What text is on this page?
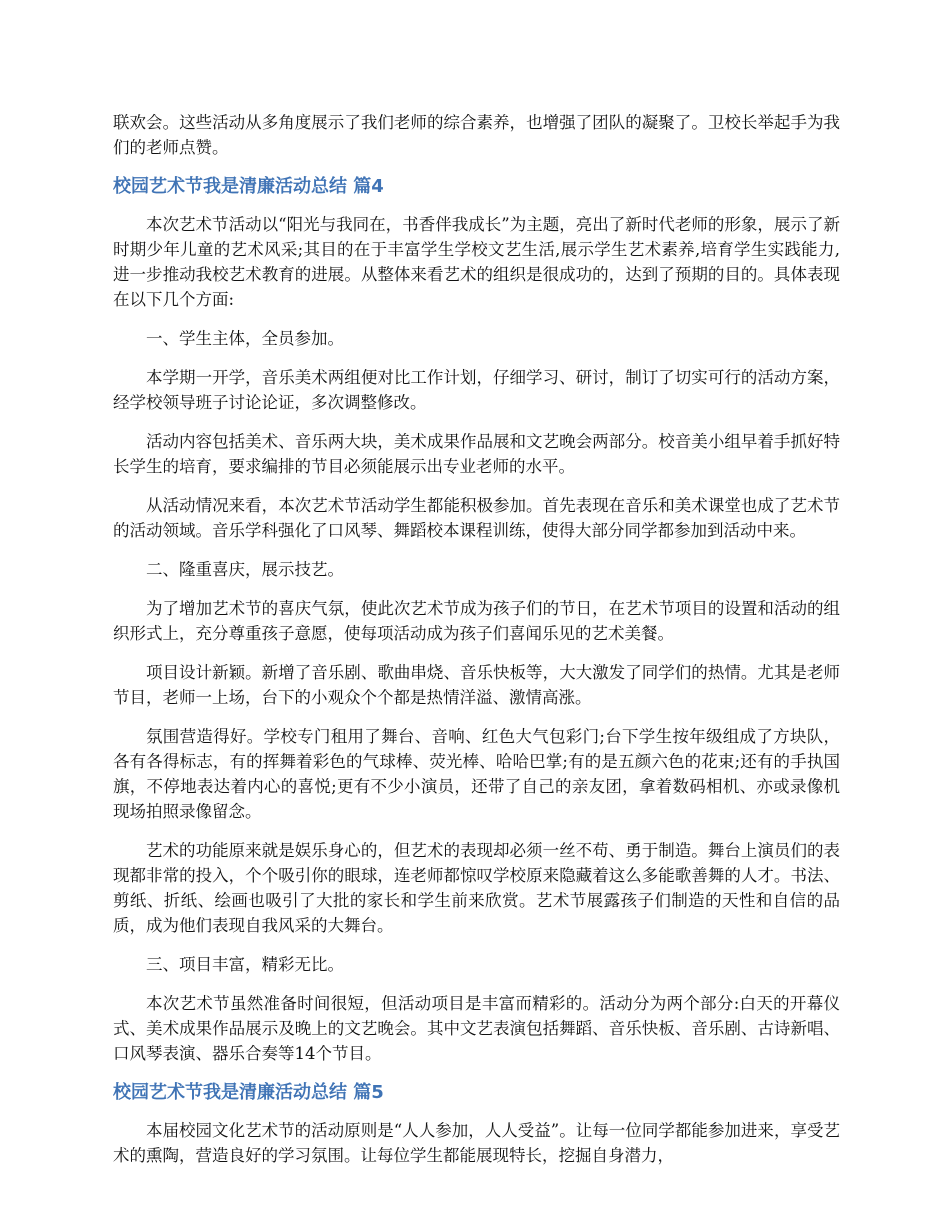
联欢会。这些活动从多角度展示了我们老师的综合素养，也增强了团队的凝聚了。卫校长举起手为我们的老师点赞。

校园艺术节我是清廉活动总结 篇4

本次艺术节活动以“阳光与我同在，书香伴我成长”为主题，亮出了新时代老师的形象，展示了新时期少年儿童的艺术风采;其目的在于丰富学生学校文艺生活,展示学生艺术素养,培育学生实践能力,进一步推动我校艺术教育的进展。从整体来看艺术的组织是很成功的，达到了预期的目的。具体表现在以下几个方面:

一、学生主体，全员参加。

本学期一开学，音乐美术两组便对比工作计划，仔细学习、研讨，制订了切实可行的活动方案，经学校领导班子讨论论证，多次调整修改。

活动内容包括美术、音乐两大块，美术成果作品展和文艺晚会两部分。校音美小组早着手抓好特长学生的培育，要求编排的节目必须能展示出专业老师的水平。

从活动情况来看，本次艺术节活动学生都能积极参加。首先表现在音乐和美术课堂也成了艺术节的活动领域。音乐学科强化了口风琴、舞蹈校本课程训练，使得大部分同学都参加到活动中来。

二、隆重喜庆，展示技艺。

为了增加艺术节的喜庆气氛，使此次艺术节成为孩子们的节日，在艺术节项目的设置和活动的组织形式上，充分尊重孩子意愿，使每项活动成为孩子们喜闻乐见的艺术美餐。

项目设计新颖。新增了音乐剧、歌曲串烧、音乐快板等，大大激发了同学们的热情。尤其是老师节目，老师一上场，台下的小观众个个都是热情洋溢、激情高涨。

氛围营造得好。学校专门租用了舞台、音响、红色大气包彩门;台下学生按年级组成了方块队，各有各得标志，有的挥舞着彩色的气球棒、荧光棒、哈哈巴掌;有的是五颜六色的花束;还有的手执国旗，不停地表达着内心的喜悦;更有不少小演员，还带了自己的亲友团，拿着数码相机、亦或录像机现场拍照录像留念。

艺术的功能原来就是娱乐身心的，但艺术的表现却必须一丝不苟、勇于制造。舞台上演员们的表现都非常的投入，个个吸引你的眼球，连老师都惊叹学校原来隐藏着这么多能歌善舞的人才。书法、剪纸、折纸、绘画也吸引了大批的家长和学生前来欣赏。艺术节展露孩子们制造的天性和自信的品质，成为他们表现自我风采的大舞台。

三、项目丰富，精彩无比。

本次艺术节虽然准备时间很短，但活动项目是丰富而精彩的。活动分为两个部分:白天的开幕仪式、美术成果作品展示及晚上的文艺晚会。其中文艺表演包括舞蹈、音乐快板、音乐剧、古诗新唱、口风琴表演、器乐合奏等14个节目。

校园艺术节我是清廉活动总结 篇5

本届校园文化艺术节的活动原则是“人人参加，人人受益”。让每一位同学都能参加进来，享受艺术的熏陶，营造良好的学习氛围。让每位学生都能展现特长，挖掘自身潜力，
